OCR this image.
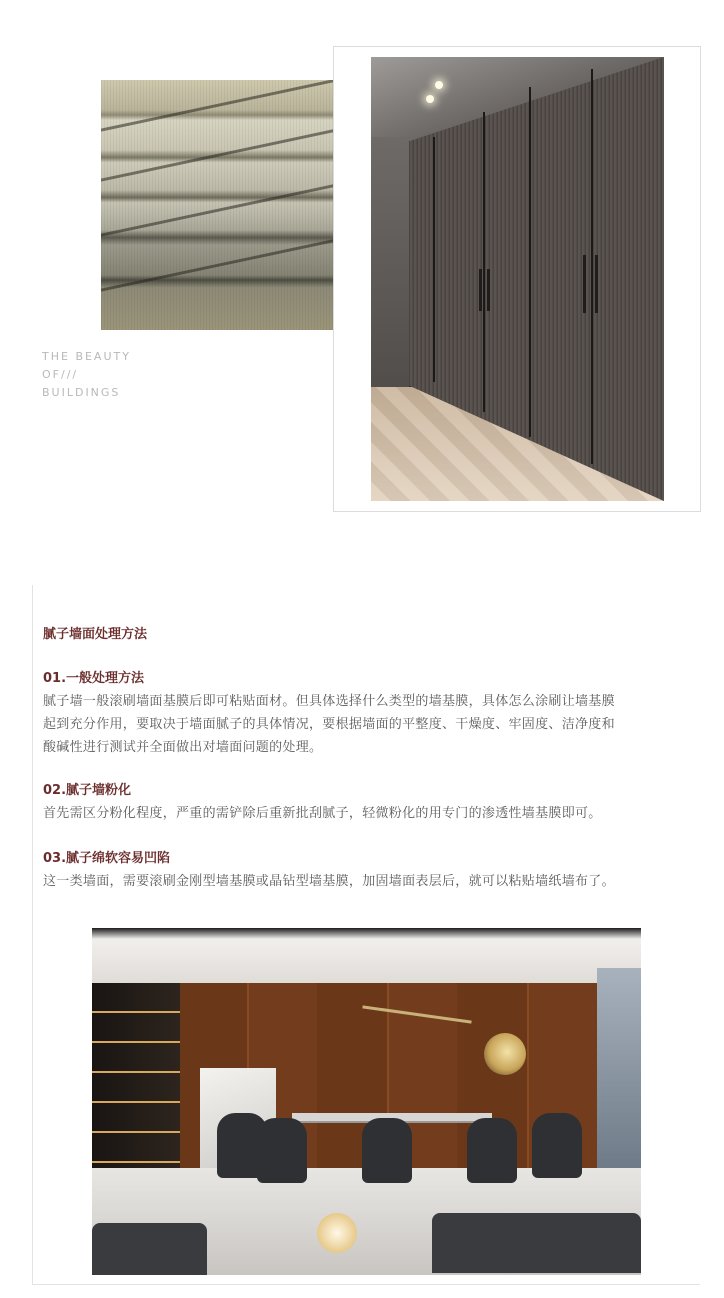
THE BEAUTY
OF///
BUILDINGS
腻子墙面处理方法
01.一般处理方法
腻子墙一般滚刷墙面基膜后即可粘贴面材。但具体选择什么类型的墙基膜，具体怎么涂刷让墙基膜
起到充分作用，要取决于墙面腻子的具体情况，要根据墙面的平整度、干燥度、牢固度、洁净度和
酸碱性进行测试并全面做出对墙面问题的处理。
02.腻子墙粉化
首先需区分粉化程度，严重的需铲除后重新批刮腻子，轻微粉化的用专门的渗透性墙基膜即可。
03.腻子绵软容易凹陷
这一类墙面，需要滚刷金刚型墙基膜或晶钻型墙基膜，加固墙面表层后，就可以粘贴墙纸墙布了。
